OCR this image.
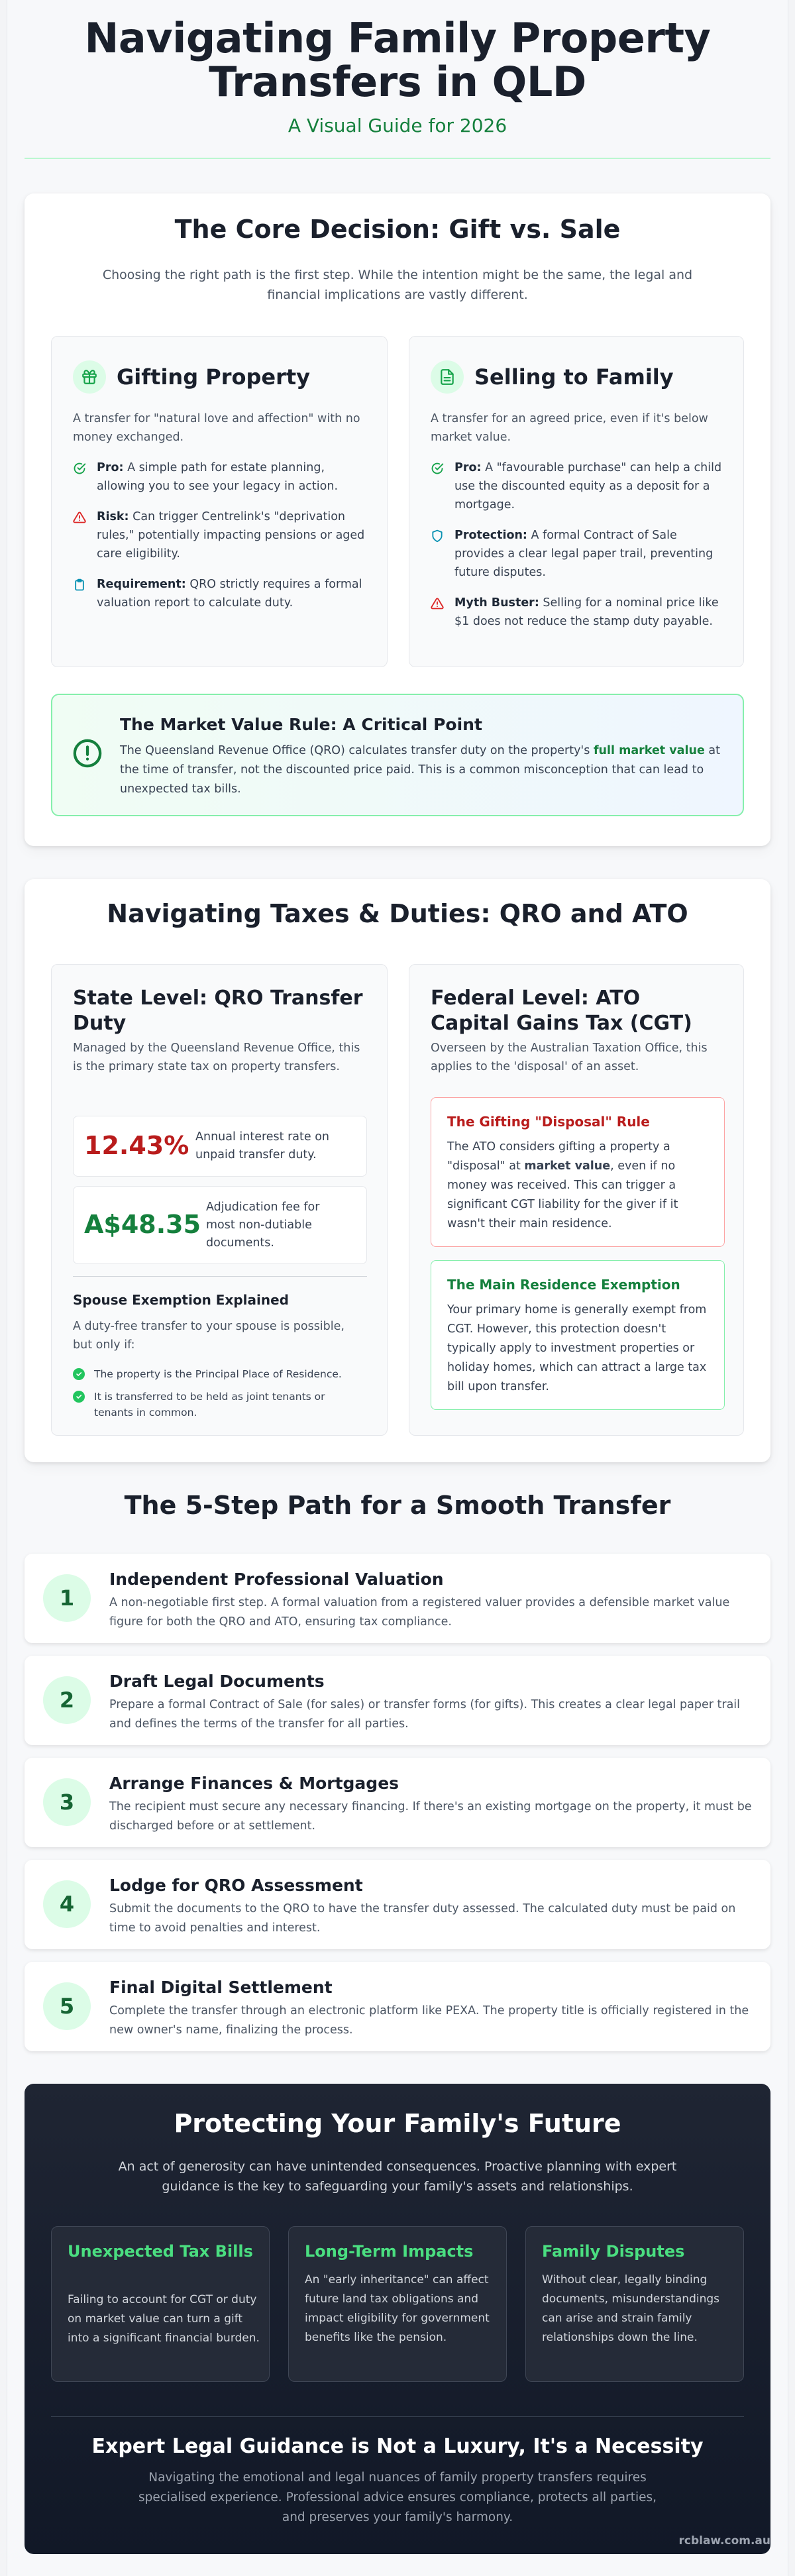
Navigating Family Property
Transfers in QLD
A Visual Guide for 2026
The Core Decision: Gift vs. Sale
Choosing the right path is the first step. While the intention might be the same, the legal and financial implications are vastly different.
Gifting Property
A transfer for "natural love and affection" with no money exchanged.
Pro: A simple path for estate planning, allowing you to see your legacy in action.
Risk: Can trigger Centrelink's "deprivation rules," potentially impacting pensions or aged care eligibility.
Requirement: QRO strictly requires a formal valuation report to calculate duty.
Selling to Family
A transfer for an agreed price, even if it's below market value.
Pro: A "favourable purchase" can help a child use the discounted equity as a deposit for a mortgage.
Protection: A formal Contract of Sale provides a clear legal paper trail, preventing future disputes.
Myth Buster: Selling for a nominal price like $1 does not reduce the stamp duty payable.
The Market Value Rule: A Critical Point
The Queensland Revenue Office (QRO) calculates transfer duty on the property's full market value at the time of transfer, not the discounted price paid. This is a common misconception that can lead to unexpected tax bills.
Navigating Taxes & Duties: QRO and ATO
State Level: QRO Transfer Duty
Managed by the Queensland Revenue Office, this is the primary state tax on property transfers.
12.43% Annual interest rate on unpaid transfer duty.
A$48.35
Adjudication fee for most non-dutiable documents.
Spouse Exemption Explained
A duty-free transfer to your spouse is possible, but only if:
The property is the Principal Place of Residence.
It is transferred to be held as joint tenants or tenants in common.
Federal Level: ATO Capital Gains Tax (CGT)
Overseen by the Australian Taxation Office, this applies to the 'disposal' of an asset.
The Gifting "Disposal" Rule
The ATO considers gifting a property a "disposal" at market value, even if no money was received. This can trigger a significant CGT liability for the giver if it wasn't their main residence.
The Main Residence Exemption
Your primary home is generally exempt from CGT. However, this protection doesn't typically apply to investment properties or holiday homes, which can attract a large tax bill upon transfer.
The 5-Step Path for a Smooth Transfer
1
Independent Professional Valuation
A non-negotiable first step. A formal valuation from a registered valuer provides a defensible market value figure for both the QRO and ATO, ensuring tax compliance.
2
Draft Legal Documents
Prepare a formal Contract of Sale (for sales) or transfer forms (for gifts). This creates a clear legal paper trail and defines the terms of the transfer for all parties.
3
Arrange Finances & Mortgages
The recipient must secure any necessary financing. If there's an existing mortgage on the property, it must be discharged before or at settlement.
4
Lodge for QRO Assessment
Submit the documents to the QRO to have the transfer duty assessed. The calculated duty must be paid on time to avoid penalties and interest.
5
Final Digital Settlement
Complete the transfer through an electronic platform like PEXA. The property title is officially registered in the new owner's name, finalizing the process.
Protecting Your Family's Future
An act of generosity can have unintended consequences. Proactive planning with expert guidance is the key to safeguarding your family's assets and relationships.
Unexpected Tax Bills
Failing to account for CGT or duty on market value can turn a gift into a significant financial burden.
Long-Term Impacts
An "early inheritance" can affect future land tax obligations and impact eligibility for government benefits like the pension.
Family Disputes
Without clear, legally binding documents, misunderstandings can arise and strain family relationships down the line.
Expert Legal Guidance is Not a Luxury, It's a Necessity
Navigating the emotional and legal nuances of family property transfers requires specialised experience. Professional advice ensures compliance, protects all parties, and preserves your family's harmony.
rcblaw.com.au
